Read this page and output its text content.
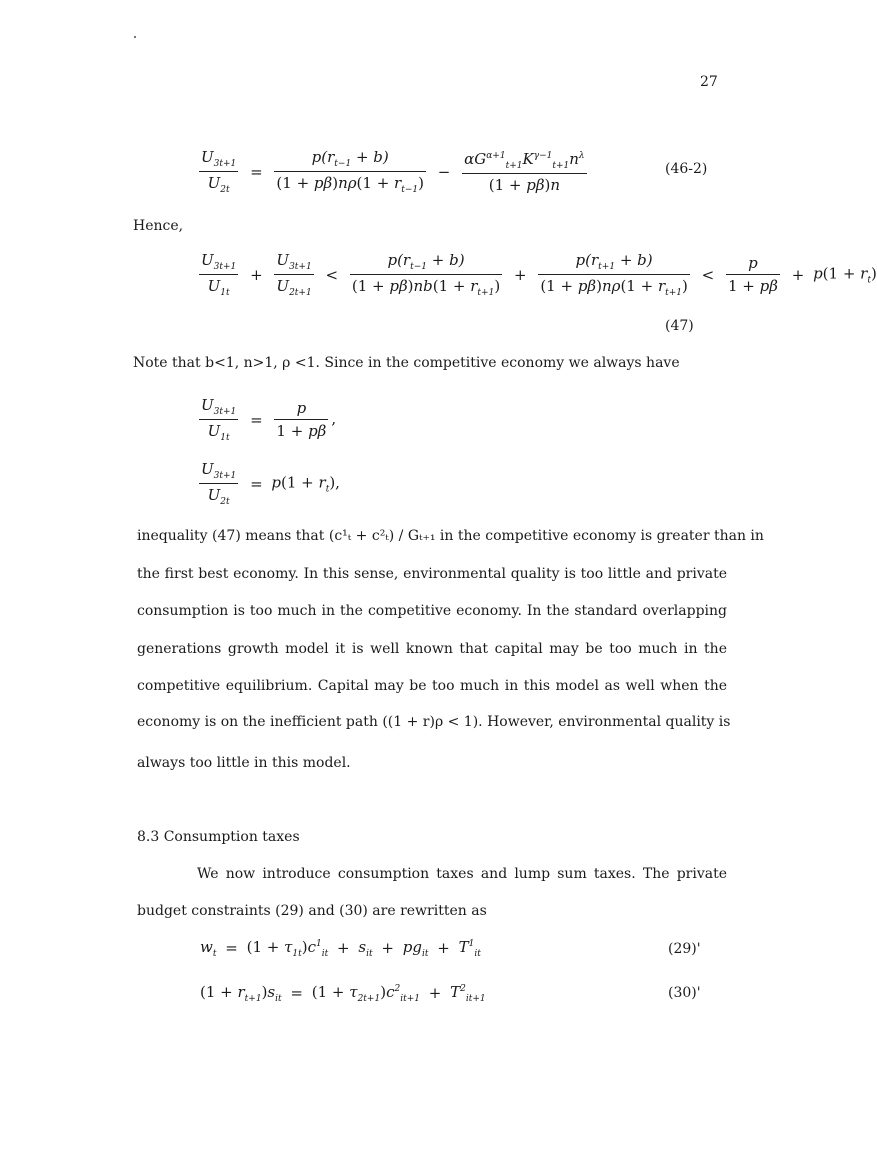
27
$\frac{U_{3t+1}}{U_{2t}} = \frac{p(r_{t-1} + b)}{(1 + p\beta)n\rho(1 + r_{t-1})} - \frac{\alpha G^{\alpha+1}_{t+1}K^{\gamma-1}_{t+1}n^\lambda}{(1 + p\beta)n}$	(46-2)
Hence,
$\frac{U_{3t+1}}{U_{1t}} + \frac{U_{3t+1}}{U_{2t+1}} < \frac{p(r_{t-1} + b)}{(1 + p\beta)nb(1 + r_{t+1})} + \frac{p(r_{t+1} + b)}{(1 + p\beta)n\rho(1 + r_{t+1})} < \frac{p}{1 + p\beta} + p(1 + r_t)$
(47)
Note that b<1, n>1, ρ <1. Since in the competitive economy we always have
$\frac{U_{3t+1}}{U_{1t}} = \frac{p}{1 + p\beta}$ ,
$\frac{U_{3t+1}}{U_{2t}} = p(1 + r_t)$,
inequality (47) means that (c¹ₜ + c²ₜ) / Gₜ₊₁ in the competitive economy is greater than in
the first best economy. In this sense, environmental quality is too little and private
consumption is too much in the competitive economy. In the standard overlapping
generations growth model it is well known that capital may be too much in the
competitive equilibrium. Capital may be too much in this model as well when the
economy is on the inefficient path ((1 + r)ρ < 1). However, environmental quality is
always too little in this model.
8.3 Consumption taxes
We now introduce consumption taxes and lump sum taxes. The private
budget constraints (29) and (30) are rewritten as
$w_t = (1 + \tau_{1t})c^1_{it} + s_{it} + pg_{it} + T^1_{it}$	(29)'
$(1 + r_{t+1})s_{it} = (1 + \tau_{2t+1})c^2_{it+1} + T^2_{it+1}$	(30)'
